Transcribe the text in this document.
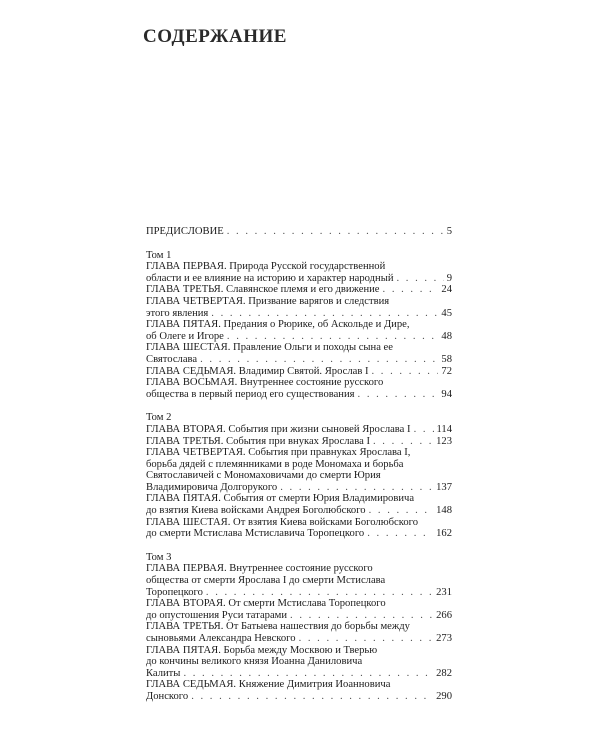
СОДЕРЖАНИЕ
ПРЕДИСЛОВИЕ . . .	5
Том 1
ГЛАВА ПЕРВАЯ. Природа Русской государственной
области и ее влияние на историю и характер народный . . .	9
ГЛАВА ТРЕТЬЯ. Славянское племя и его движение . . .	24
ГЛАВА ЧЕТВЕРТАЯ. Призвание варягов и следствия
этого явления . . .	45
ГЛАВА ПЯТАЯ. Предания о Рюрике, об Аскольде и Дире,
об Олеге и Игоре . . .	48
ГЛАВА ШЕСТАЯ. Правление Ольги и походы сына ее
Святослава . . .	58
ГЛАВА СЕДЬМАЯ. Владимир Святой. Ярослав I . . .	72
ГЛАВА ВОСЬМАЯ. Внутреннее состояние русского
общества в первый период его существования . . .	94
Том 2
ГЛАВА ВТОРАЯ. События при жизни сыновей Ярослава I . . . 114
ГЛАВА ТРЕТЬЯ. События при внуках Ярослава I . . .	123
ГЛАВА ЧЕТВЕРТАЯ. События при правнуках Ярослава I,
борьба дядей с племянниками в роде Мономаха и борьба
Святославичей с Мономаховичами до смерти Юрия
Владимировича Долгорукого . . .	137
ГЛАВА ПЯТАЯ. События от смерти Юрия Владимировича
до взятия Киева войсками Андрея Боголюбского . . .	148
ГЛАВА ШЕСТАЯ. От взятия Киева войсками Боголюбского
до смерти Мстислава Мстиславича Торопецкого . . .	162
Том 3
ГЛАВА ПЕРВАЯ. Внутреннее состояние русского
общества от смерти Ярослава I до смерти Мстислава
Торопецкого . . .	231
ГЛАВА ВТОРАЯ. От смерти Мстислава Торопецкого
до опустошения Руси татарами . . .	266
ГЛАВА ТРЕТЬЯ. От Батыева нашествия до борьбы между
сыновьями Александра Невского . . .	273
ГЛАВА ПЯТАЯ. Борьба между Москвою и Тверью
до кончины великого князя Иоанна Даниловича
Калиты . . .	282
ГЛАВА СЕДЬМАЯ. Княжение Димитрия Иоанновича
Донского . . .	290
